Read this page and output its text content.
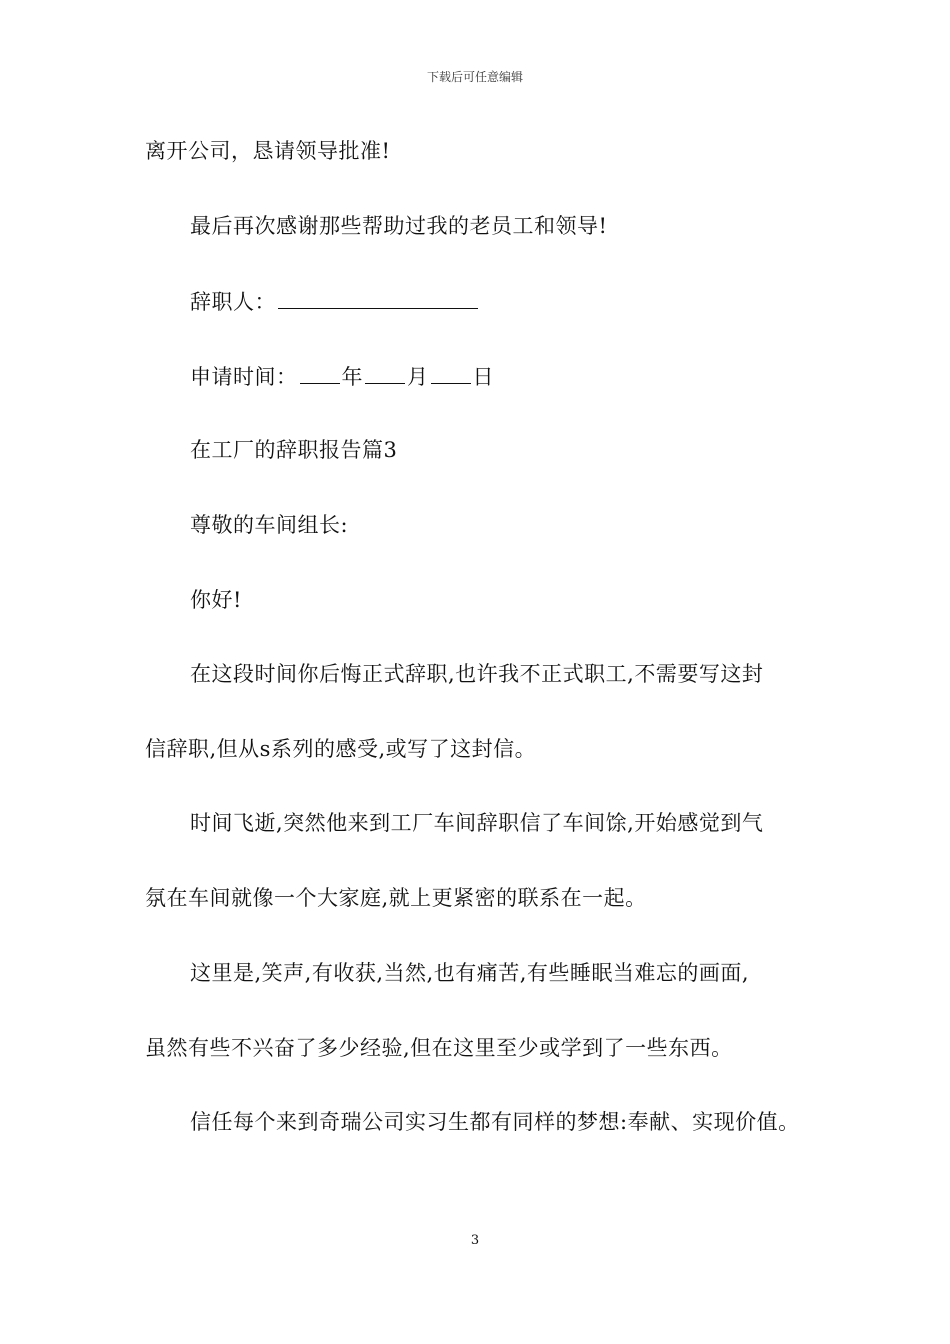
下载后可任意编辑
离开公司，恳请领导批准!
最后再次感谢那些帮助过我的老员工和领导!
辞职人：
申请时间： 年 月 日
在工厂的辞职报告篇3
尊敬的车间组长:
你好!
在这段时间你后悔正式辞职,也许我不正式职工,不需要写这封
信辞职,但从s系列的感受,或写了这封信。
时间飞逝,突然他来到工厂车间辞职信了车间馀,开始感觉到气
氛在车间就像一个大家庭,就上更紧密的联系在一起。
这里是,笑声,有收获,当然,也有痛苦,有些睡眠当难忘的画面,
虽然有些不兴奋了多少经验,但在这里至少或学到了一些东西。
信任每个来到奇瑞公司实习生都有同样的梦想:奉献、实现价值。
3
